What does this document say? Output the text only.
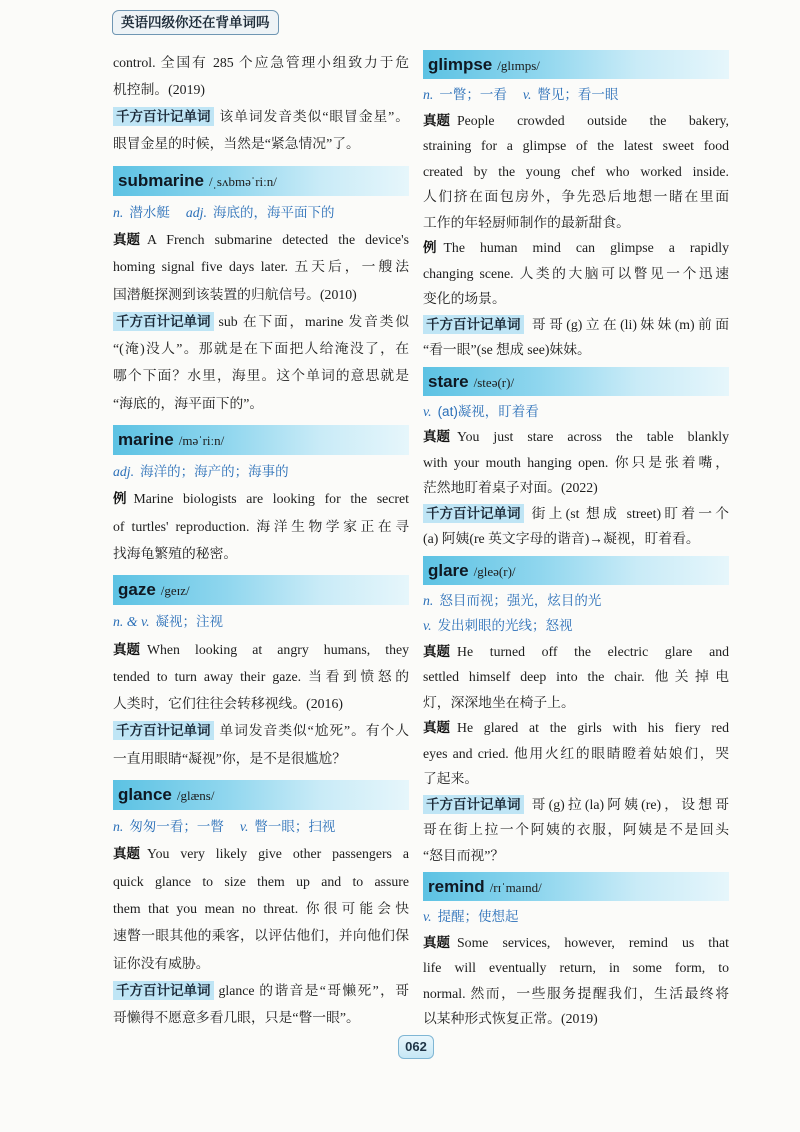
英语四级你还在背单词吗
control. 全国有 285 个应急管理小组致力于危
机控制。(2019)
千方百计记单词 该单词发音类似“眼冒金星”。
眼冒金星的时候，当然是“紧急情况”了。
submarine /ˌsʌbməˈriːn/
n. 潜水艇 adj. 海底的，海平面下的
真题 A French submarine detected the device's
homing signal five days later. 五天后，一艘法
国潜艇探测到该装置的归航信号。(2010)
千方百计记单词 sub 在下面，marine 发音类似
“(淹)没人”。那就是在下面把人给淹没了，在
哪个下面？水里，海里。这个单词的意思就是
“海底的，海平面下的”。
marine /məˈriːn/
adj. 海洋的；海产的；海事的
例 Marine biologists are looking for the secret
of turtles' reproduction. 海洋生物学家正在寻
找海龟繁殖的秘密。
gaze /geɪz/
n. & v. 凝视；注视
真题 When looking at angry humans, they
tended to turn away their gaze. 当看到愤怒的
人类时，它们往往会转移视线。(2016)
千方百计记单词 单词发音类似“尬死”。有个人
一直用眼睛“凝视”你，是不是很尴尬？
glance /glæns/
n. 匆匆一看；一瞥 v. 瞥一眼；扫视
真题 You very likely give other passengers a
quick glance to size them up and to assure
them that you mean no threat. 你很可能会快
速瞥一眼其他的乘客，以评估他们，并向他们保
证你没有威胁。
千方百计记单词 glance 的谐音是“哥懒死”，哥
哥懒得不愿意多看几眼，只是“瞥一眼”。
glimpse /glɪmps/
n. 一瞥；一看 v. 瞥见；看一眼
真题 People crowded outside the bakery,
straining for a glimpse of the latest sweet food
created by the young chef who worked inside.
人们挤在面包房外，争先恐后地想一睹在里面
工作的年轻厨师制作的最新甜食。
例 The human mind can glimpse a rapidly
changing scene. 人类的大脑可以瞥见一个迅速
变化的场景。
千方百计记单词 哥哥(g)立在(li)妹妹(m)前面
“看一眼”(se 想成 see)妹妹。
stare /steə(r)/
v. (at)凝视，盯着看
真题 You just stare across the table blankly
with your mouth hanging open. 你只是张着嘴，
茫然地盯着桌子对面。(2022)
千方百计记单词 街上(st 想成 street)盯着一个
(a) 阿姨(re 英文字母的谐音)→凝视，盯着看。
glare /gleə(r)/
n. 怒目而视；强光，炫目的光
v. 发出刺眼的光线；怒视
真题 He turned off the electric glare and
settled himself deep into the chair. 他关掉电
灯，深深地坐在椅子上。
真题 He glared at the girls with his fiery red
eyes and cried. 他用火红的眼睛瞪着姑娘们，哭
了起来。
千方百计记单词 哥(g)拉(la)阿姨(re)，设想哥
哥在街上拉一个阿姨的衣服，阿姨是不是回头
“怒目而视”？
remind /rɪˈmaɪnd/
v. 提醒；使想起
真题 Some services, however, remind us that
life will eventually return, in some form, to
normal. 然而，一些服务提醒我们，生活最终将
以某种形式恢复正常。(2019)
062
